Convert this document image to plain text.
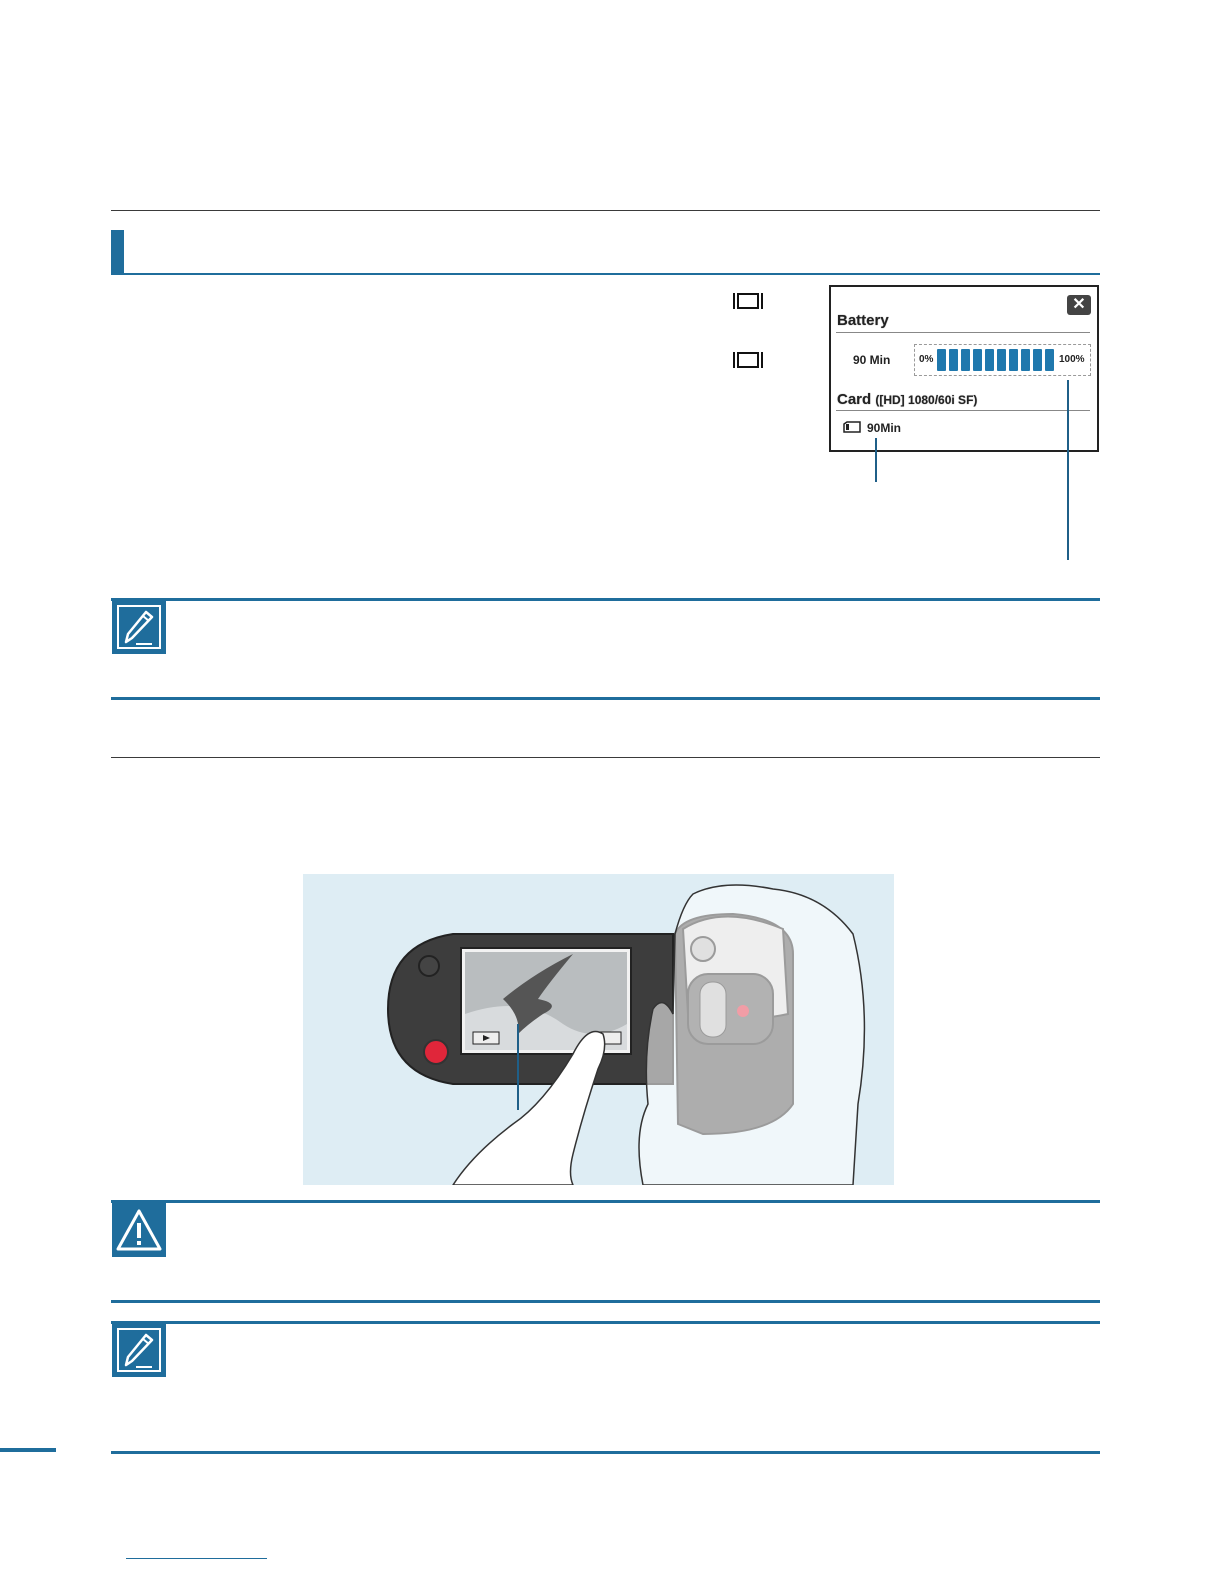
✕
Battery
90 Min	0%	100%
Card ([HD] 1080/60i SF)
90Min
